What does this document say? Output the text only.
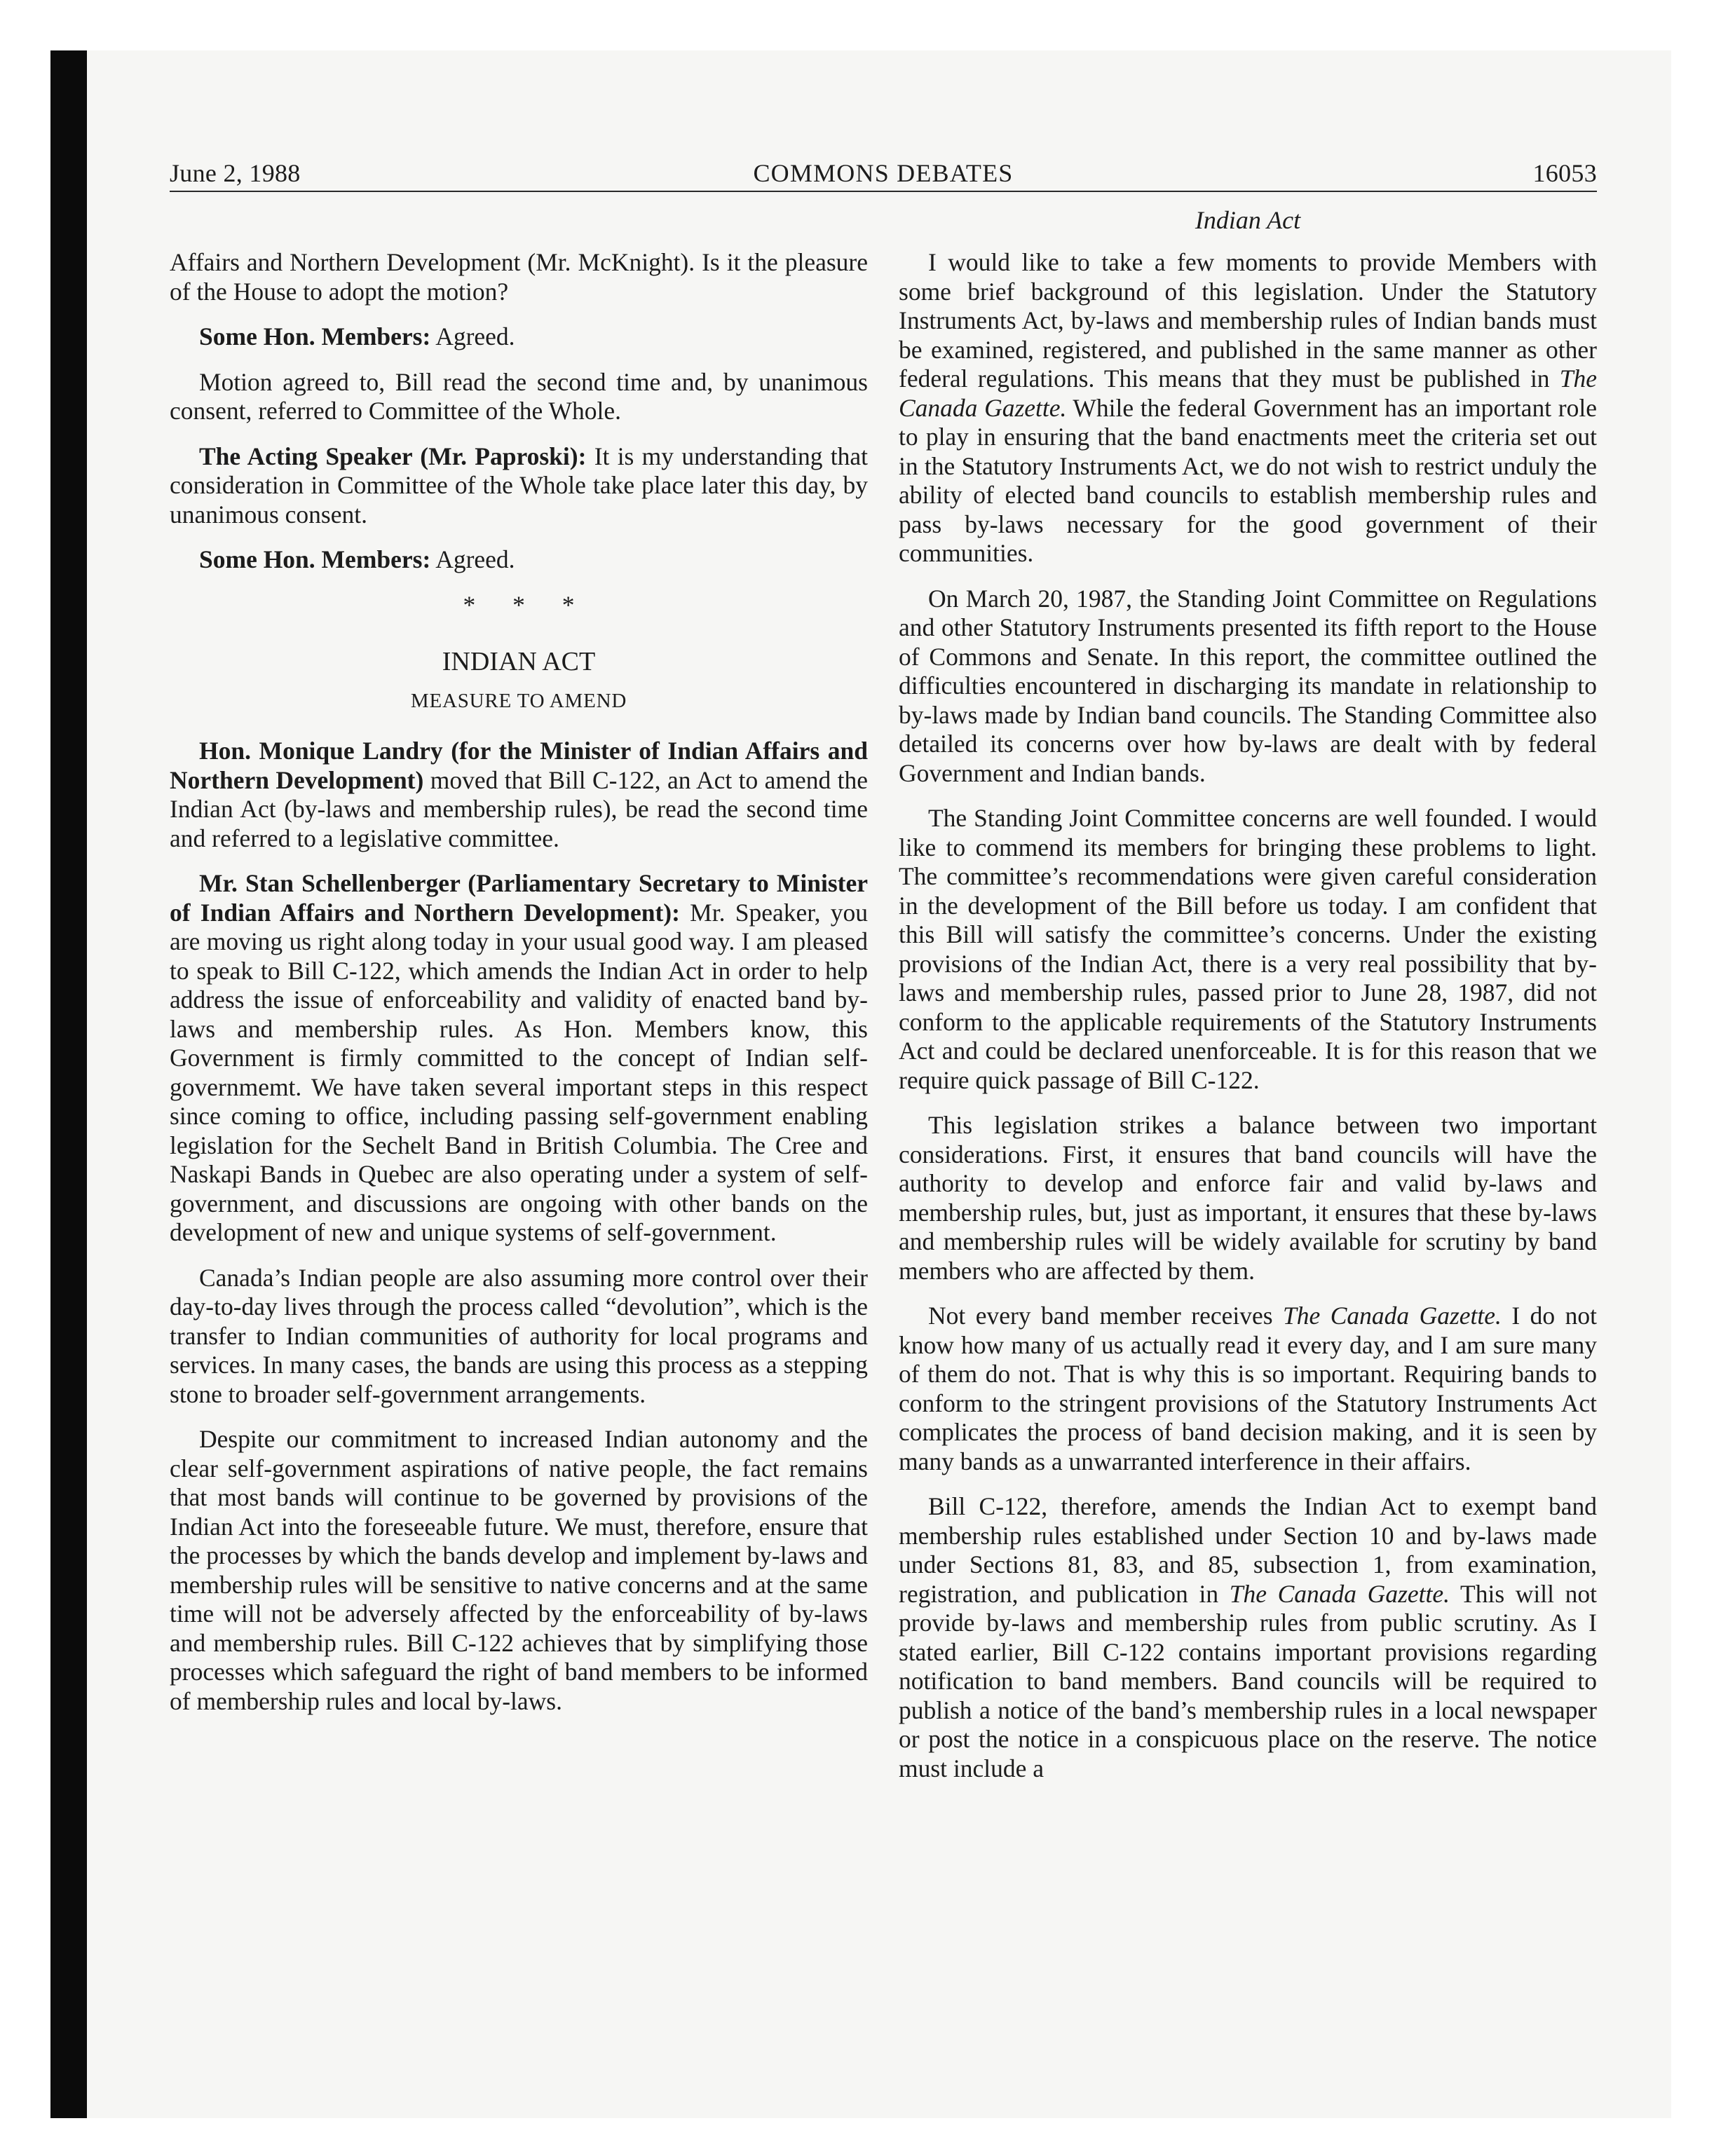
June 2, 1988	COMMONS DEBATES	16053
Indian Act

Affairs and Northern Development (Mr. McKnight). Is it the pleasure of the House to adopt the motion?

Some Hon. Members: Agreed.

Motion agreed to, Bill read the second time and, by unanimous consent, referred to Committee of the Whole.

The Acting Speaker (Mr. Paproski): It is my understanding that consideration in Committee of the Whole take place later this day, by unanimous consent.

Some Hon. Members: Agreed.

* * *

INDIAN ACT

MEASURE TO AMEND

Hon. Monique Landry (for the Minister of Indian Affairs and Northern Development) moved that Bill C-122, an Act to amend the Indian Act (by-laws and membership rules), be read the second time and referred to a legislative committee.

Mr. Stan Schellenberger (Parliamentary Secretary to Minister of Indian Affairs and Northern Development): Mr. Speaker, you are moving us right along today in your usual good way. I am pleased to speak to Bill C-122, which amends the Indian Act in order to help address the issue of enforceability and validity of enacted band by-laws and membership rules. As Hon. Members know, this Government is firmly committed to the concept of Indian self-governmemt. We have taken several important steps in this respect since coming to office, including passing self-government enabling legislation for the Sechelt Band in British Columbia. The Cree and Naskapi Bands in Quebec are also operating under a system of self-government, and discussions are ongoing with other bands on the development of new and unique systems of self-government.

Canada’s Indian people are also assuming more control over their day-to-day lives through the process called “devolution”, which is the transfer to Indian communities of authority for local programs and services. In many cases, the bands are using this process as a stepping stone to broader self-government arrangements.

Despite our commitment to increased Indian autonomy and the clear self-government aspirations of native people, the fact remains that most bands will continue to be governed by provisions of the Indian Act into the foreseeable future. We must, therefore, ensure that the processes by which the bands develop and implement by-laws and membership rules will be sensitive to native concerns and at the same time will not be adversely affected by the enforceability of by-laws and membership rules. Bill C-122 achieves that by simplifying those processes which safeguard the right of band members to be informed of membership rules and local by-laws.

I would like to take a few moments to provide Members with some brief background of this legislation. Under the Statutory Instruments Act, by-laws and membership rules of Indian bands must be examined, registered, and published in the same manner as other federal regulations. This means that they must be published in The Canada Gazette. While the federal Government has an important role to play in ensuring that the band enactments meet the criteria set out in the Statutory Instruments Act, we do not wish to restrict unduly the ability of elected band councils to establish membership rules and pass by-laws necessary for the good government of their communities.

On March 20, 1987, the Standing Joint Committee on Regulations and other Statutory Instruments presented its fifth report to the House of Commons and Senate. In this report, the committee outlined the difficulties encountered in discharging its mandate in relationship to by-laws made by Indian band councils. The Standing Committee also detailed its concerns over how by-laws are dealt with by federal Government and Indian bands.

The Standing Joint Committee concerns are well founded. I would like to commend its members for bringing these problems to light. The committee’s recommendations were given careful consideration in the development of the Bill before us today. I am confident that this Bill will satisfy the committee’s concerns. Under the existing provisions of the Indian Act, there is a very real possibility that by-laws and membership rules, passed prior to June 28, 1987, did not conform to the applicable requirements of the Statutory Instruments Act and could be declared unenforceable. It is for this reason that we require quick passage of Bill C-122.

This legislation strikes a balance between two important considerations. First, it ensures that band councils will have the authority to develop and enforce fair and valid by-laws and membership rules, but, just as important, it ensures that these by-laws and membership rules will be widely available for scrutiny by band members who are affected by them.

Not every band member receives The Canada Gazette. I do not know how many of us actually read it every day, and I am sure many of them do not. That is why this is so important. Requiring bands to conform to the stringent provisions of the Statutory Instruments Act complicates the process of band decision making, and it is seen by many bands as a unwarranted interference in their affairs.

Bill C-122, therefore, amends the Indian Act to exempt band membership rules established under Section 10 and by-laws made under Sections 81, 83, and 85, subsection 1, from examination, registration, and publication in The Canada Gazette. This will not provide by-laws and membership rules from public scrutiny. As I stated earlier, Bill C-122 contains important provisions regarding notification to band members. Band councils will be required to publish a notice of the band’s membership rules in a local newspaper or post the notice in a conspicuous place on the reserve. The notice must include a
